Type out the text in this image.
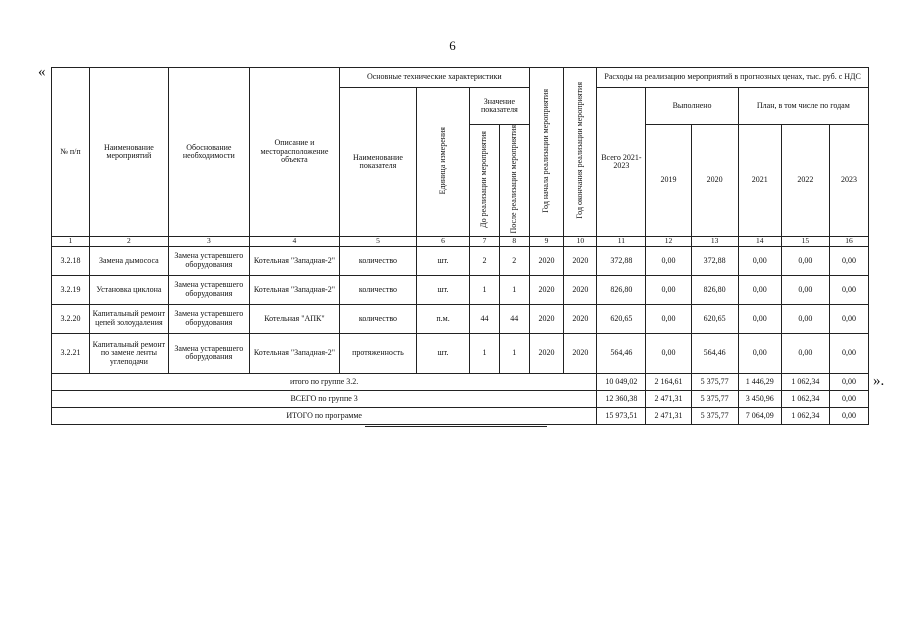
6
«
».
№ п/п	Наименование мероприятий	Обоснование необходимости	Описание и месторасположение объекта	Основные технические характеристики				Год начала реализации мероприятия	Год окончания реализации мероприятия	Расходы на реализацию мероприятий в прогнозных ценах, тыс. руб. с НДС					
				Наименование показателя	Единица измерения	Значение показателя				Всего 2021-2023	Выполнено		План, в том числе по годам		
						До реализации мероприятия	После реализации мероприятия				2019	2020	2021	2022	2023
1	2	3	4	5	6	7	8	9	10	11	12	13	14	15	16
3.2.18	Замена дымососа	Замена устаревшего оборудования	Котельная "Западная-2"	количество	шт.	2	2	2020	2020	372,88	0,00	372,88	0,00	0,00	0,00
3.2.19	Установка циклона	Замена устаревшего оборудования	Котельная "Западная-2"	количество	шт.	1	1	2020	2020	826,80	0,00	826,80	0,00	0,00	0,00
3.2.20	Капитальный ремонт цепей золоудаления	Замена устаревшего оборудования	Котельная "АПК"	количество	п.м.	44	44	2020	2020	620,65	0,00	620,65	0,00	0,00	0,00
3.2.21	Капитальный ремонт по замене ленты углеподачи	Замена устаревшего оборудования	Котельная "Западная-2"	протяженность	шт.	1	1	2020	2020	564,46	0,00	564,46	0,00	0,00	0,00
итого по группе 3.2.										10 049,02	2 164,61	5 375,77	1 446,29	1 062,34	0,00
ВСЕГО по группе 3										12 360,38	2 471,31	5 375,77	3 450,96	1 062,34	0,00
ИТОГО по программе										15 973,51	2 471,31	5 375,77	7 064,09	1 062,34	0,00
